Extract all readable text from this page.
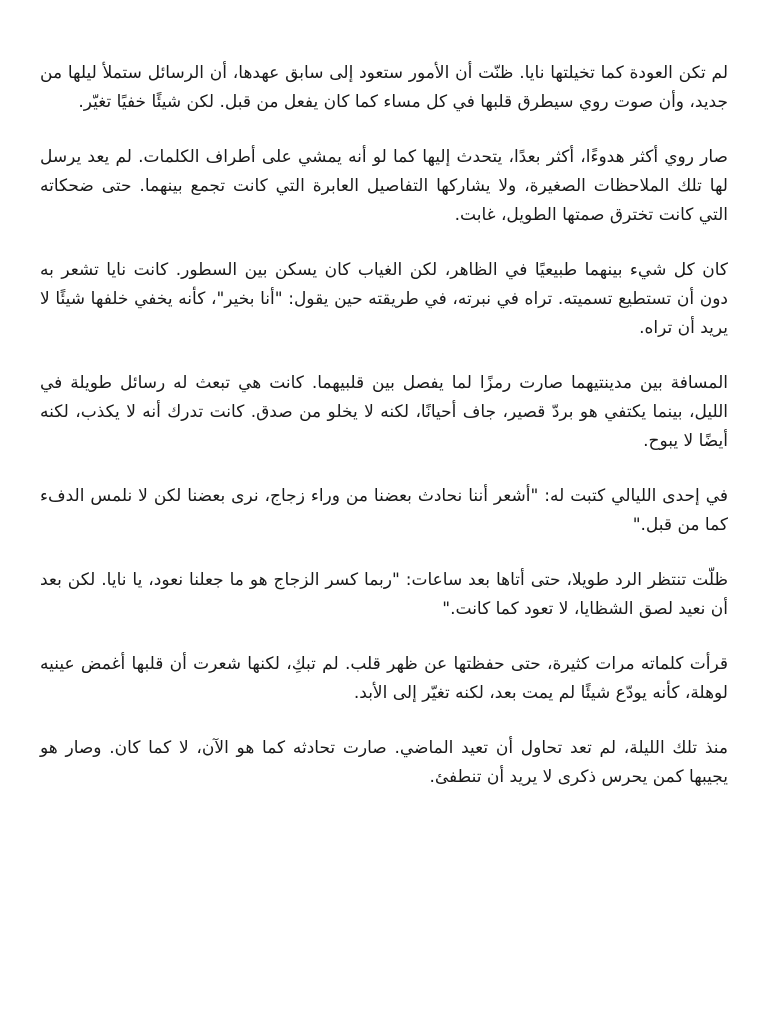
لم تكن العودة كما تخيلتها نايا. ظنّت أن الأمور ستعود إلى سابق عهدها، أن الرسائل ستملأ ليلها من جديد، وأن صوت روي سيطرق قلبها في كل مساء كما كان يفعل من قبل. لكن شيئًا خفيًا تغيّر.

صار روي أكثر هدوءًا، أكثر بعدًا، يتحدث إليها كما لو أنه يمشي على أطراف الكلمات. لم يعد يرسل لها تلك الملاحظات الصغيرة، ولا يشاركها التفاصيل العابرة التي كانت تجمع بينهما. حتى ضحكاته التي كانت تخترق صمتها الطويل، غابت.

كان كل شيء بينهما طبيعيًا في الظاهر، لكن الغياب كان يسكن بين السطور. كانت نايا تشعر به دون أن تستطيع تسميته. تراه في نبرته، في طريقته حين يقول: "أنا بخير"، كأنه يخفي خلفها شيئًا لا يريد أن تراه.

المسافة بين مدينتيهما صارت رمزًا لما يفصل بين قلبيهما. كانت هي تبعث له رسائل طويلة في الليل، بينما يكتفي هو بردّ قصير، جاف أحيانًا، لكنه لا يخلو من صدق. كانت تدرك أنه لا يكذب، لكنه أيضًا لا يبوح.

في إحدى الليالي كتبت له: "أشعر أننا نحادث بعضنا من وراء زجاج، نرى بعضنا لكن لا نلمس الدفء كما من قبل."

ظلّت تنتظر الرد طويلا، حتى أتاها بعد ساعات: "ربما كسر الزجاج هو ما جعلنا نعود، يا نايا. لكن بعد أن نعيد لصق الشظايا، لا تعود كما كانت."

قرأت كلماته مرات كثيرة، حتى حفظتها عن ظهر قلب. لم تبكِ، لكنها شعرت أن قلبها أغمض عينيه لوهلة، كأنه يودّع شيئًا لم يمت بعد، لكنه تغيّر إلى الأبد.

منذ تلك الليلة، لم تعد تحاول أن تعيد الماضي. صارت تحادثه كما هو الآن، لا كما كان. وصار هو يجيبها كمن يحرس ذكرى لا يريد أن تنطفئ.
